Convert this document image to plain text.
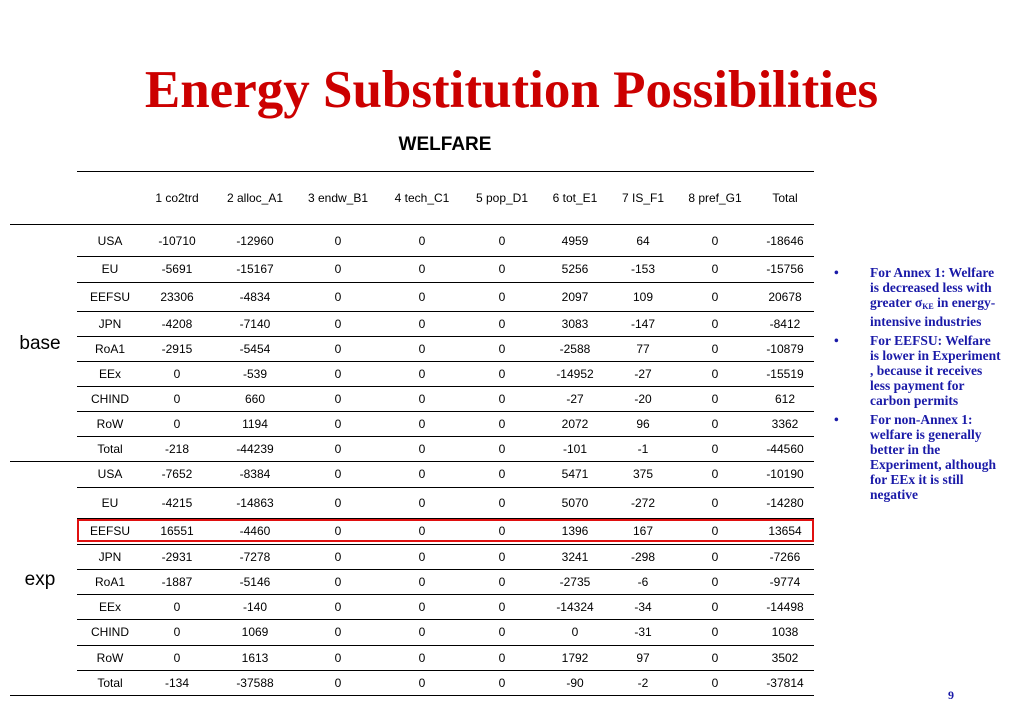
Energy Substitution Possibilities
WELFARE
1 co2trd	2 alloc_A1	3 endw_B1	4 tech_C1	5 pop_D1	6 tot_E1	7 IS_F1	8 pref_G1	Total
base
USA	-10710	-12960	0	0	0	4959	64	0	-18646
EU	-5691	-15167	0	0	0	5256	-153	0	-15756
EEFSU	23306	-4834	0	0	0	2097	109	0	20678
JPN	-4208	-7140	0	0	0	3083	-147	0	-8412
RoA1	-2915	-5454	0	0	0	-2588	77	0	-10879
EEx	0	-539	0	0	0	-14952	-27	0	-15519
CHIND	0	660	0	0	0	-27	-20	0	612
RoW	0	1194	0	0	0	2072	96	0	3362
Total	-218	-44239	0	0	0	-101	-1	0	-44560
exp
USA	-7652	-8384	0	0	0	5471	375	0	-10190
EU	-4215	-14863	0	0	0	5070	-272	0	-14280
EEFSU	16551	-4460	0	0	0	1396	167	0	13654
JPN	-2931	-7278	0	0	0	3241	-298	0	-7266
RoA1	-1887	-5146	0	0	0	-2735	-6	0	-9774
EEx	0	-140	0	0	0	-14324	-34	0	-14498
CHIND	0	1069	0	0	0	0	-31	0	1038
RoW	0	1613	0	0	0	1792	97	0	3502
Total	-134	-37588	0	0	0	-90	-2	0	-37814
• For Annex 1: Welfare is decreased less with greater $\sigma_{KE}$ in energy-intensive industries
• For EEFSU: Welfare is lower in Experiment , because it receives less payment for carbon permits
• For non-Annex 1: welfare is generally better in the Experiment, although for EEx it is still negative
9
